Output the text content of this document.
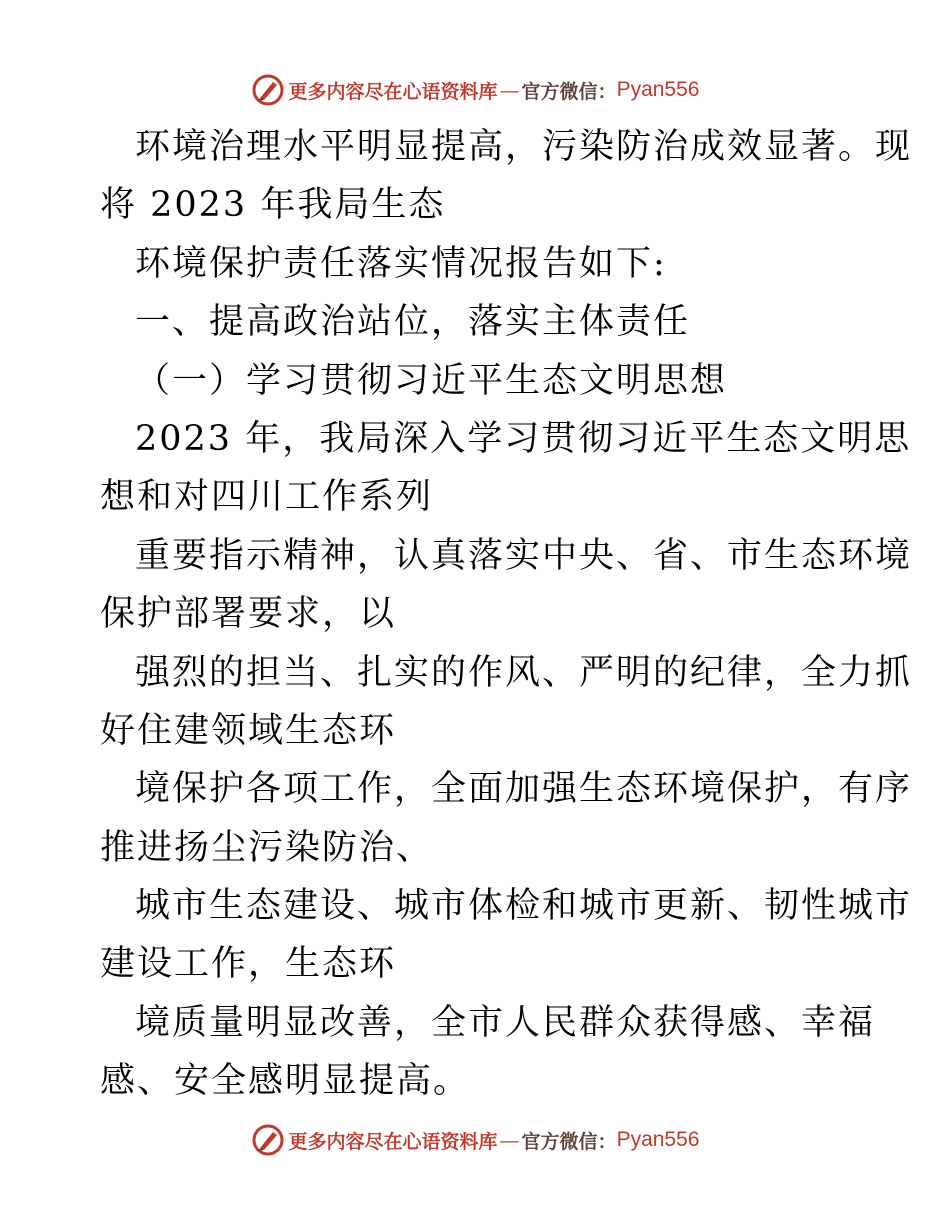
更多内容尽在心语资料库 — 官方微信： Pyan556
环境治理水平明显提高，污染防治成效显著。现
将 2023 年我局生态
环境保护责任落实情况报告如下:
一、提高政治站位，落实主体责任
（一）学习贯彻习近平生态文明思想
2023 年，我局深入学习贯彻习近平生态文明思
想和对四川工作系列
重要指示精神，认真落实中央、省、市生态环境
保护部署要求，以
强烈的担当、扎实的作风、严明的纪律，全力抓
好住建领域生态环
境保护各项工作，全面加强生态环境保护，有序
推进扬尘污染防治、
城市生态建设、城市体检和城市更新、韧性城市
建设工作，生态环
境质量明显改善，全市人民群众获得感、幸福
感、安全感明显提高。
更多内容尽在心语资料库 — 官方微信： Pyan556
